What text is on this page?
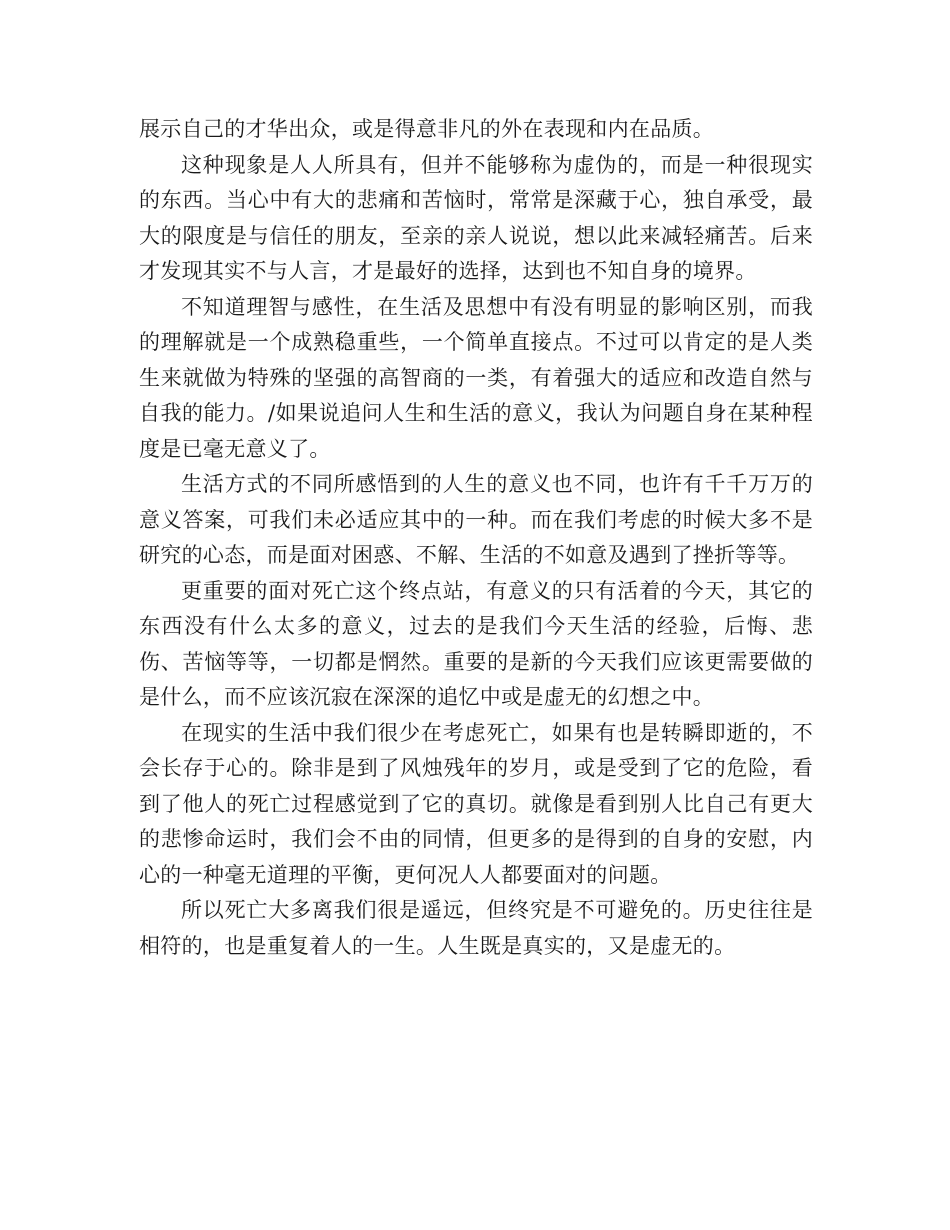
展示自己的才华出众，或是得意非凡的外在表现和内在品质。

这种现象是人人所具有，但并不能够称为虚伪的，而是一种很现实的东西。当心中有大的悲痛和苦恼时，常常是深藏于心，独自承受，最大的限度是与信任的朋友，至亲的亲人说说，想以此来减轻痛苦。后来才发现其实不与人言，才是最好的选择，达到也不知自身的境界。

不知道理智与感性，在生活及思想中有没有明显的影响区别，而我的理解就是一个成熟稳重些，一个简单直接点。不过可以肯定的是人类生来就做为特殊的坚强的高智商的一类，有着强大的适应和改造自然与自我的能力。/如果说追问人生和生活的意义，我认为问题自身在某种程度是已毫无意义了。

生活方式的不同所感悟到的人生的意义也不同，也许有千千万万的意义答案，可我们未必适应其中的一种。而在我们考虑的时候大多不是研究的心态，而是面对困惑、不解、生活的不如意及遇到了挫折等等。

更重要的面对死亡这个终点站，有意义的只有活着的今天，其它的东西没有什么太多的意义，过去的是我们今天生活的经验，后悔、悲伤、苦恼等等，一切都是惘然。重要的是新的今天我们应该更需要做的是什么，而不应该沉寂在深深的追忆中或是虚无的幻想之中。

在现实的生活中我们很少在考虑死亡，如果有也是转瞬即逝的，不会长存于心的。除非是到了风烛残年的岁月，或是受到了它的危险，看到了他人的死亡过程感觉到了它的真切。就像是看到别人比自己有更大的悲惨命运时，我们会不由的同情，但更多的是得到的自身的安慰，内心的一种毫无道理的平衡，更何况人人都要面对的问题。

所以死亡大多离我们很是遥远，但终究是不可避免的。历史往往是相符的，也是重复着人的一生。人生既是真实的，又是虚无的。
